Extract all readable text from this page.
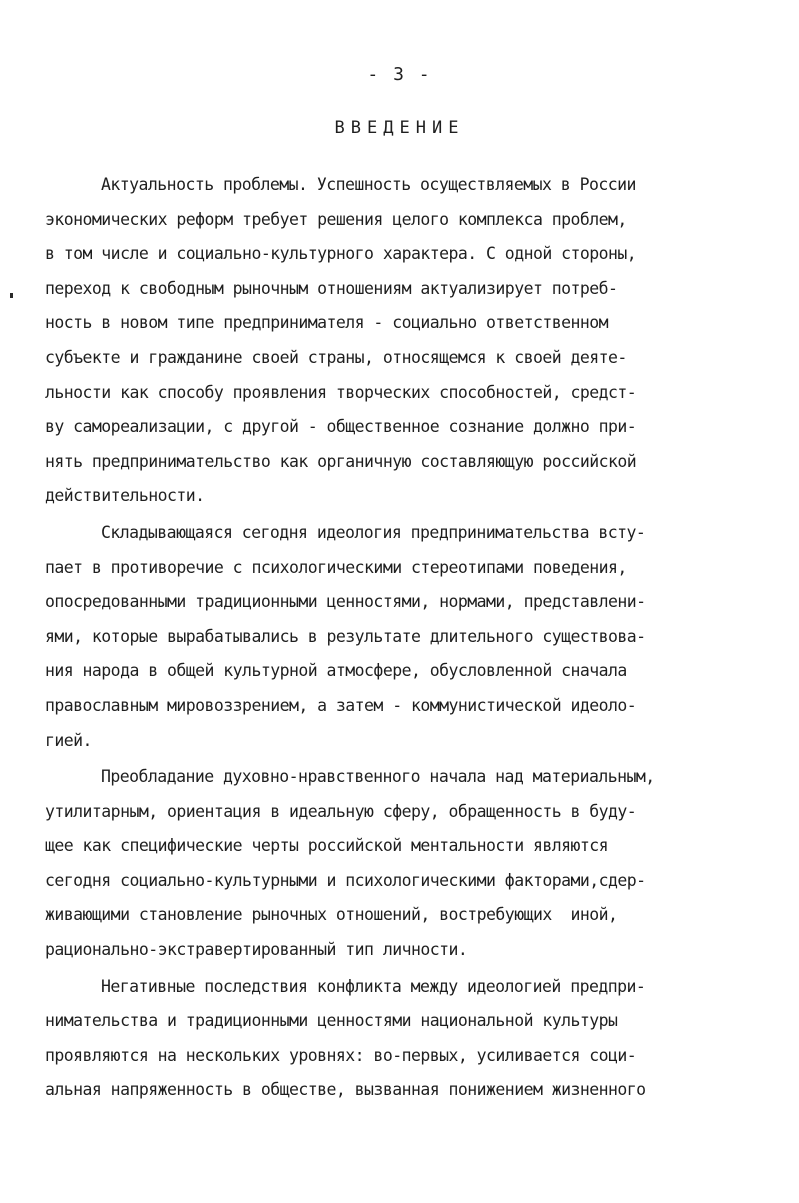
- 3 -
ВВЕДЕНИЕ
Актуальность проблемы. Успешность осуществляемых в России
экономических реформ требует решения целого комплекса проблем,
в том числе и социально-культурного характера. С одной стороны,
переход к свободным рыночным отношениям актуализирует потреб-
ность в новом типе предпринимателя - социально ответственном
субъекте и гражданине своей страны, относящемся к своей деяте-
льности как способу проявления творческих способностей, средст-
ву самореализации, с другой - общественное сознание должно при-
нять предпринимательство как органичную составляющую российской
действительности.
Складывающаяся сегодня идеология предпринимательства всту-
пает в противоречие с психологическими стереотипами поведения,
опосредованными традиционными ценностями, нормами, представлени-
ями, которые вырабатывались в результате длительного существова-
ния народа в общей культурной атмосфере, обусловленной сначала
православным мировоззрением, а затем - коммунистической идеоло-
гией.
Преобладание духовно-нравственного начала над материальным,
утилитарным, ориентация в идеальную сферу, обращенность в буду-
щее как специфические черты российской ментальности являются
сегодня социально-культурными и психологическими факторами,сдер-
живающими становление рыночных отношений, востребующих  иной,
рационально-экстравертированный тип личности.
Негативные последствия конфликта между идеологией предпри-
нимательства и традиционными ценностями национальной культуры
проявляются на нескольких уровнях: во-первых, усиливается соци-
альная напряженность в обществе, вызванная понижением жизненного
